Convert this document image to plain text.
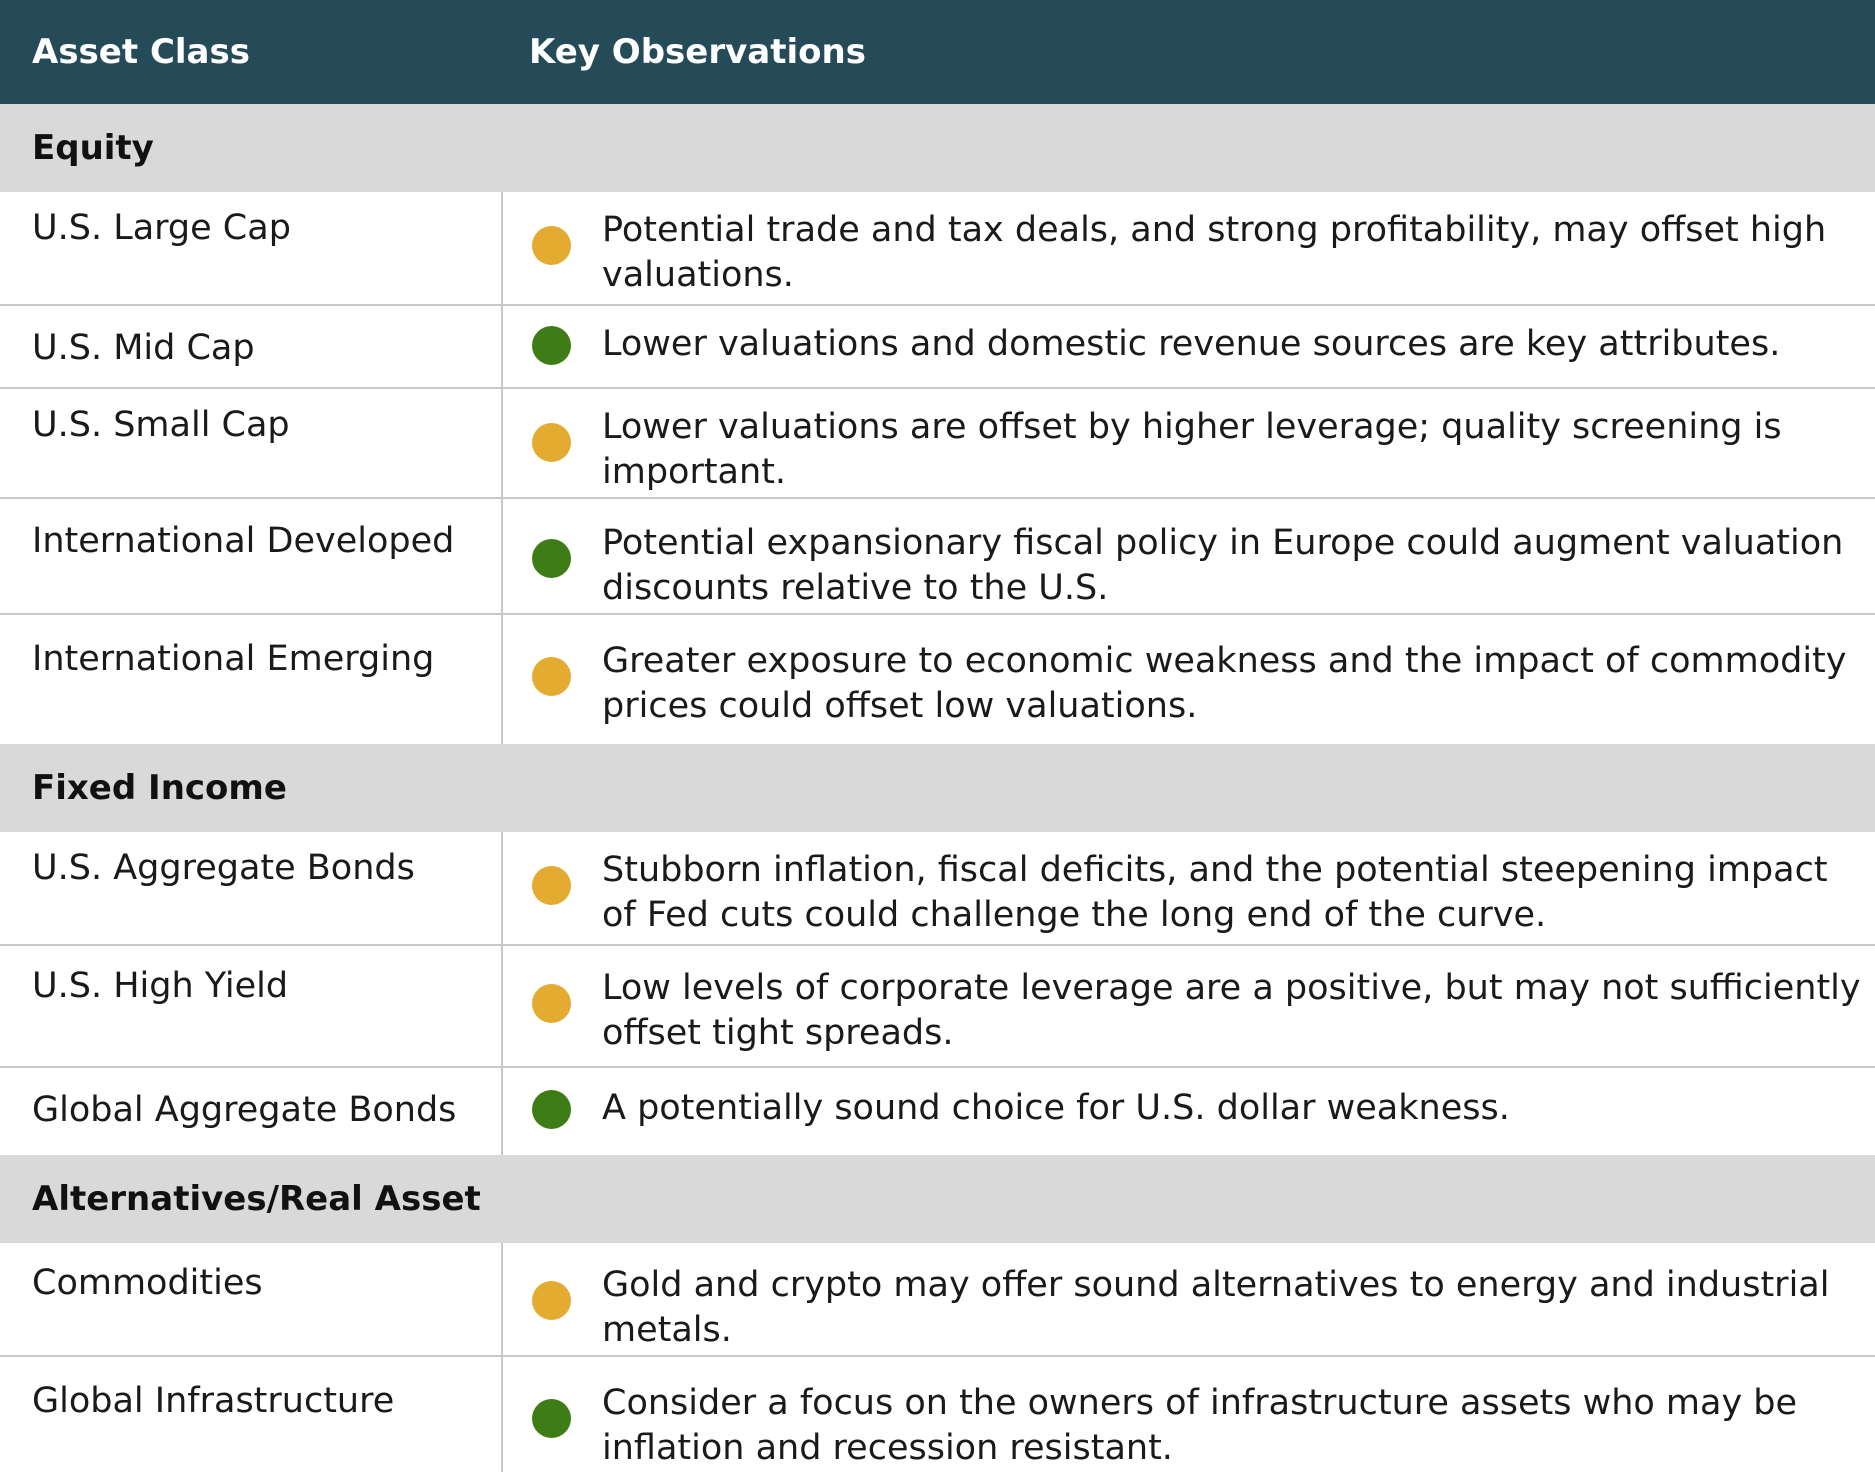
Asset Class	Key Observations
Equity
U.S. Large Cap	Potential trade and tax deals, and strong profitability, may offset high valuations.
U.S. Mid Cap	Lower valuations and domestic revenue sources are key attributes.
U.S. Small Cap	Lower valuations are offset by higher leverage; quality screening is important.
International Developed	Potential expansionary fiscal policy in Europe could augment valuation discounts relative to the U.S.
International Emerging	Greater exposure to economic weakness and the impact of commodity prices could offset low valuations.
Fixed Income
U.S. Aggregate Bonds	Stubborn inflation, fiscal deficits, and the potential steepening impact of Fed cuts could challenge the long end of the curve.
U.S. High Yield	Low levels of corporate leverage are a positive, but may not sufficiently offset tight spreads.
Global Aggregate Bonds	A potentially sound choice for U.S. dollar weakness.
Alternatives/Real Asset
Commodities	Gold and crypto may offer sound alternatives to energy and industrial metals.
Global Infrastructure	Consider a focus on the owners of infrastructure assets who may be inflation and recession resistant.
